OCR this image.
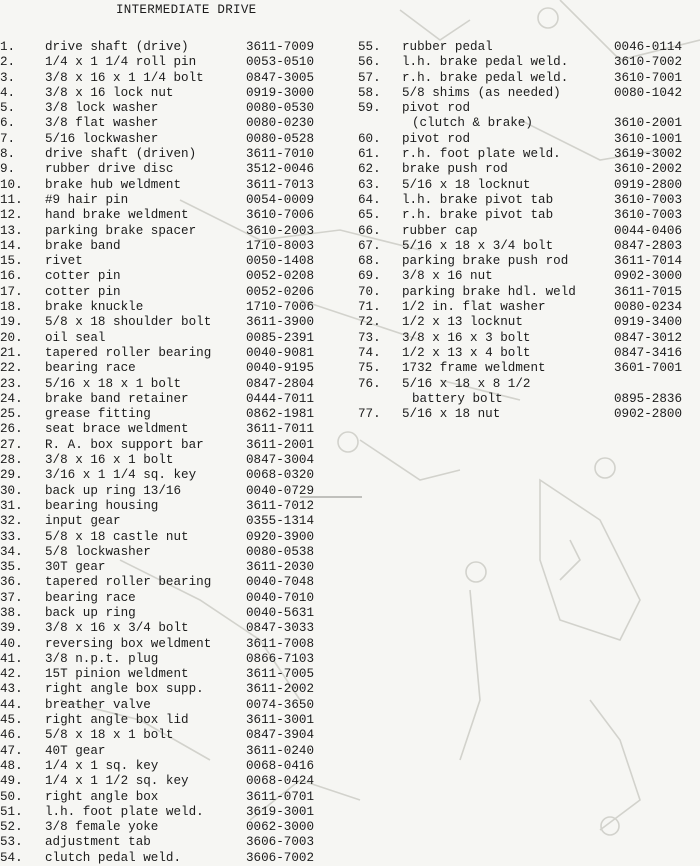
INTERMEDIATE DRIVE
1. drive shaft (drive)	3611-7009
2. 1/4 x 1 1/4 roll pin	0053-0510
3. 3/8 x 16 x 1 1/4 bolt	0847-3005
4. 3/8 x 16 lock nut	0919-3000
5. 3/8 lock washer	0080-0530
6. 3/8 flat washer	0080-0230
7. 5/16 lockwasher	0080-0528
8. drive shaft (driven)	3611-7010
9. rubber drive disc	3512-0046
10. brake hub weldment	3611-7013
11. #9 hair pin	0054-0009
12. hand brake weldment	3610-7006
13. parking brake spacer	3610-2003
14. brake band	1710-8003
15. rivet	0050-1408
16. cotter pin	0052-0208
17. cotter pin	0052-0206
18. brake knuckle	1710-7006
19. 5/8 x 18 shoulder bolt	3611-3900
20. oil seal	0085-2391
21. tapered roller bearing	0040-9081
22. bearing race	0040-9195
23. 5/16 x 18 x 1 bolt	0847-2804
24. brake band retainer	0444-7011
25. grease fitting	0862-1981
26. seat brace weldment	3611-7011
27. R. A. box support bar	3611-2001
28. 3/8 x 16 x 1 bolt	0847-3004
29. 3/16 x 1 1/4 sq. key	0068-0320
30. back up ring 13/16	0040-0729
31. bearing housing	3611-7012
32. input gear	0355-1314
33. 5/8 x 18 castle nut	0920-3900
34. 5/8 lockwasher	0080-0538
35. 30T gear	3611-2030
36. tapered roller bearing	0040-7048
37. bearing race	0040-7010
38. back up ring	0040-5631
39. 3/8 x 16 x 3/4 bolt	0847-3033
40. reversing box weldment	3611-7008
41. 3/8 n.p.t. plug	0866-7103
42. 15T pinion weldment	3611-7005
43. right angle box supp.	3611-2002
44. breather valve	0074-3650
45. right angle box lid	3611-3001
46. 5/8 x 18 x 1 bolt	0847-3904
47. 40T gear	3611-0240
48. 1/4 x 1 sq. key	0068-0416
49. 1/4 x 1 1/2 sq. key	0068-0424
50. right angle box	3611-0701
51. l.h. foot plate weld.	3619-3001
52. 3/8 female yoke	0062-3000
53. adjustment tab	3606-7003
54. clutch pedal weld.	3606-7002
55. rubber pedal	0046-0114
56. l.h. brake pedal weld.	3610-7002
57. r.h. brake pedal weld.	3610-7001
58. 5/8 shims (as needed)	0080-1042
59. pivot rod
(clutch & brake)	3610-2001
60. pivot rod	3610-1001
61. r.h. foot plate weld.	3619-3002
62. brake push rod	3610-2002
63. 5/16 x 18 locknut	0919-2800
64. l.h. brake pivot tab	3610-7003
65. r.h. brake pivot tab	3610-7003
66. rubber cap	0044-0406
67. 5/16 x 18 x 3/4 bolt	0847-2803
68. parking brake push rod	3611-7014
69. 3/8 x 16 nut	0902-3000
70. parking brake hdl. weld	3611-7015
71. 1/2 in. flat washer	0080-0234
72. 1/2 x 13 locknut	0919-3400
73. 3/8 x 16 x 3 bolt	0847-3012
74. 1/2 x 13 x 4 bolt	0847-3416
75. 1732 frame weldment	3601-7001
76. 5/16 x 18 x 8 1/2
battery bolt	0895-2836
77. 5/16 x 18 nut	0902-2800
